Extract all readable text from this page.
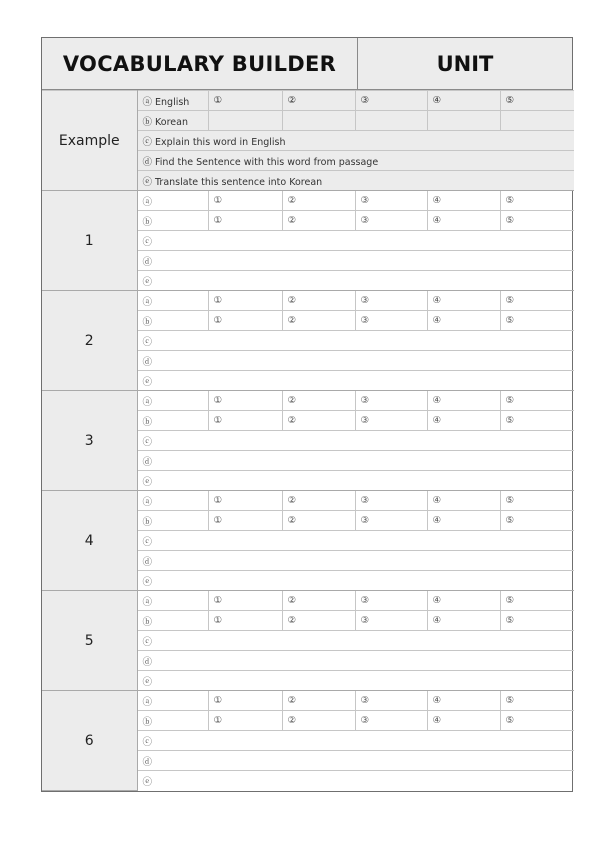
VOCABULARY BUILDER	UNIT
Example	ⓐ English	①	②	③	④	⑤
	ⓑ Korean					
	ⓒ Explain this word in English					
	ⓓ Find the Sentence with this word from passage					
	ⓔ Translate this sentence into Korean					
1	ⓐ	①	②	③	④	⑤
	ⓑ	①	②	③	④	⑤
	ⓒ					
	ⓓ					
	ⓔ					
2	ⓐ	①	②	③	④	⑤
	ⓑ	①	②	③	④	⑤
	ⓒ					
	ⓓ					
	ⓔ					
3	ⓐ	①	②	③	④	⑤
	ⓑ	①	②	③	④	⑤
	ⓒ					
	ⓓ					
	ⓔ					
4	ⓐ	①	②	③	④	⑤
	ⓑ	①	②	③	④	⑤
	ⓒ					
	ⓓ					
	ⓔ					
5	ⓐ	①	②	③	④	⑤
	ⓑ	①	②	③	④	⑤
	ⓒ					
	ⓓ					
	ⓔ					
6	ⓐ	①	②	③	④	⑤
	ⓑ	①	②	③	④	⑤
	ⓒ					
	ⓓ					
	ⓔ					
